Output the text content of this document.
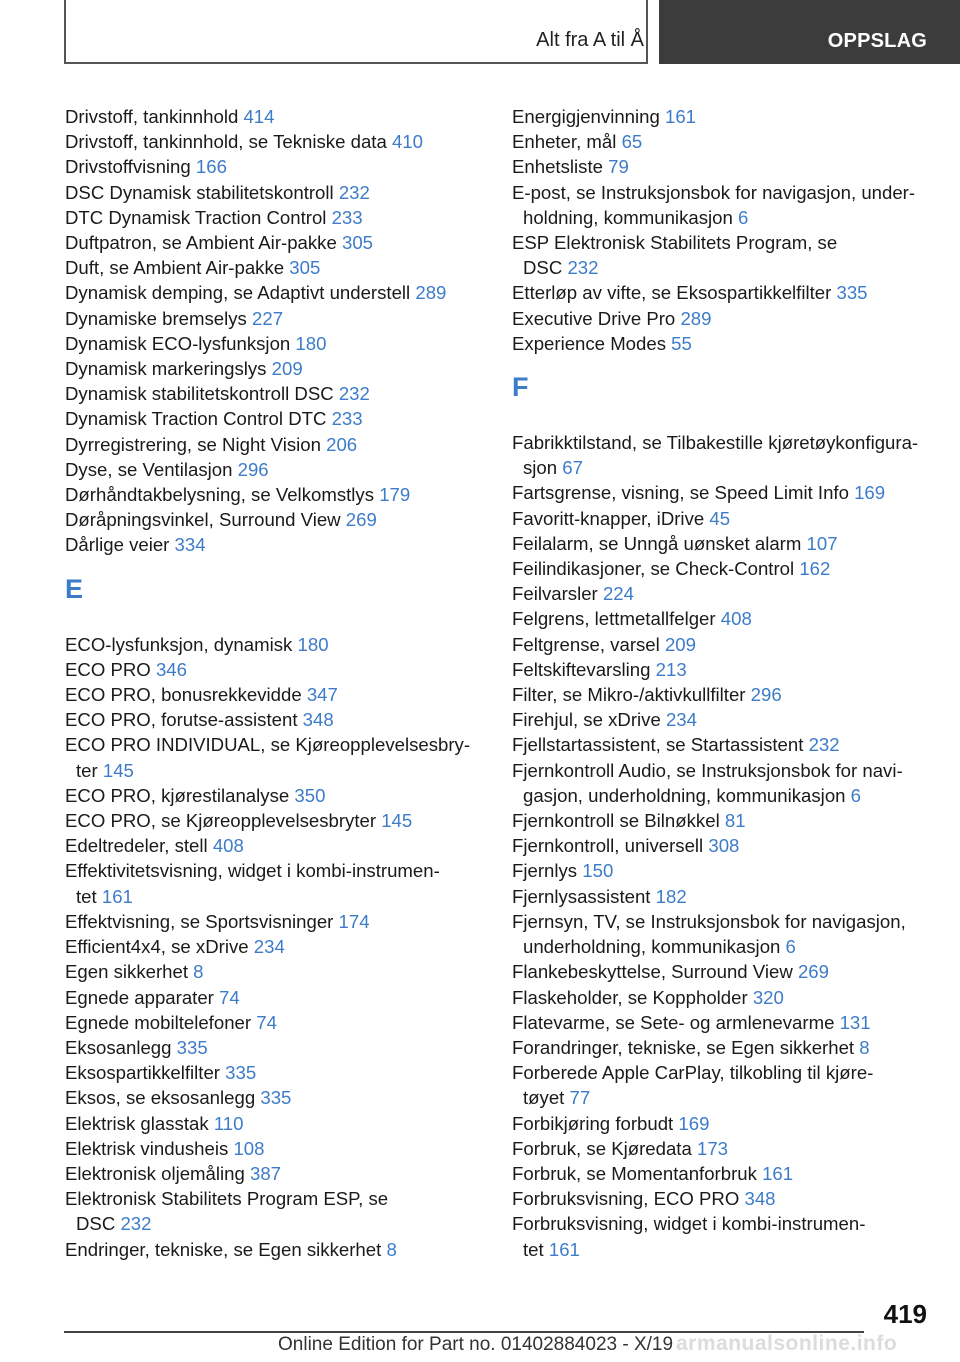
Alt fra A til Å	OPPSLAG
Drivstoff, tankinnhold 414
Drivstoff, tankinnhold, se Tekniske data 410
Drivstoffvisning 166
DSC Dynamisk stabilitetskontroll 232
DTC Dynamisk Traction Control 233
Duftpatron, se Ambient Air-pakke 305
Duft, se Ambient Air-pakke 305
Dynamisk demping, se Adaptivt understell 289
Dynamiske bremselys 227
Dynamisk ECO-lysfunksjon 180
Dynamisk markeringslys 209
Dynamisk stabilitetskontroll DSC 232
Dynamisk Traction Control DTC 233
Dyrregistrering, se Night Vision 206
Dyse, se Ventilasjon 296
Dørhåndtakbelysning, se Velkomstlys 179
Døråpningsvinkel, Surround View 269
Dårlige veier 334
E
ECO-lysfunksjon, dynamisk 180
ECO PRO 346
ECO PRO, bonusrekkevidde 347
ECO PRO, forutse-assistent 348
ECO PRO INDIVIDUAL, se Kjøreopplevelsesbry-
ter 145
ECO PRO, kjørestilanalyse 350
ECO PRO, se Kjøreopplevelsesbryter 145
Edeltredeler, stell 408
Effektivitetsvisning, widget i kombi-instrumen-
tet 161
Effektvisning, se Sportsvisninger 174
Efficient4x4, se xDrive 234
Egen sikkerhet 8
Egnede apparater 74
Egnede mobiltelefoner 74
Eksosanlegg 335
Eksospartikkelfilter 335
Eksos, se eksosanlegg 335
Elektrisk glasstak 110
Elektrisk vindusheis 108
Elektronisk oljemåling 387
Elektronisk Stabilitets Program ESP, se
DSC 232
Endringer, tekniske, se Egen sikkerhet 8
Energigjenvinning 161
Enheter, mål 65
Enhetsliste 79
E-post, se Instruksjonsbok for navigasjon, under-
holdning, kommunikasjon 6
ESP Elektronisk Stabilitets Program, se
DSC 232
Etterløp av vifte, se Eksospartikkelfilter 335
Executive Drive Pro 289
Experience Modes 55
F
Fabrikktilstand, se Tilbakestille kjøretøykonfigura-
sjon 67
Fartsgrense, visning, se Speed Limit Info 169
Favoritt-knapper, iDrive 45
Feilalarm, se Unngå uønsket alarm 107
Feilindikasjoner, se Check-Control 162
Feilvarsler 224
Felgrens, lettmetallfelger 408
Feltgrense, varsel 209
Feltskiftevarsling 213
Filter, se Mikro-/aktivkullfilter 296
Firehjul, se xDrive 234
Fjellstartassistent, se Startassistent 232
Fjernkontroll Audio, se Instruksjonsbok for navi-
gasjon, underholdning, kommunikasjon 6
Fjernkontroll se Bilnøkkel 81
Fjernkontroll, universell 308
Fjernlys 150
Fjernlysassistent 182
Fjernsyn, TV, se Instruksjonsbok for navigasjon,
underholdning, kommunikasjon 6
Flankebeskyttelse, Surround View 269
Flaskeholder, se Koppholder 320
Flatevarme, se Sete- og armlenevarme 131
Forandringer, tekniske, se Egen sikkerhet 8
Forberede Apple CarPlay, tilkobling til kjøre-
tøyet 77
Forbikjøring forbudt 169
Forbruk, se Kjøredata 173
Forbruk, se Momentanforbruk 161
Forbruksvisning, ECO PRO 348
Forbruksvisning, widget i kombi-instrumen-
tet 161
419
Online Edition for Part no. 01402884023 - X/19 armanualsonline.info
